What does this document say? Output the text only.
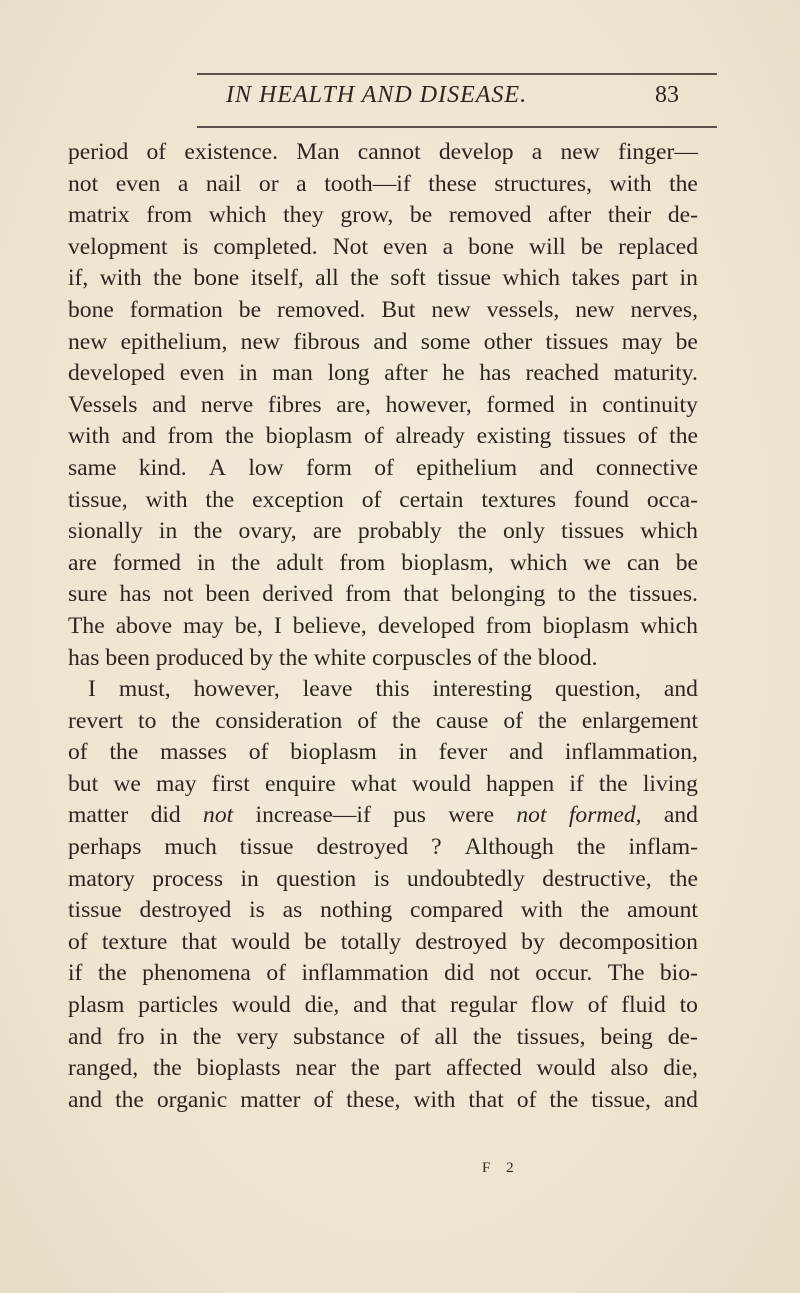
IN HEALTH AND DISEASE.	83
period of existence. Man cannot develop a new finger—
not even a nail or a tooth—if these structures, with the
matrix from which they grow, be removed after their de-
velopment is completed. Not even a bone will be replaced
if, with the bone itself, all the soft tissue which takes part in
bone formation be removed. But new vessels, new nerves,
new epithelium, new fibrous and some other tissues may be
developed even in man long after he has reached maturity.
Vessels and nerve fibres are, however, formed in continuity
with and from the bioplasm of already existing tissues of the
same kind. A low form of epithelium and connective
tissue, with the exception of certain textures found occa-
sionally in the ovary, are probably the only tissues which
are formed in the adult from bioplasm, which we can be
sure has not been derived from that belonging to the tissues.
The above may be, I believe, developed from bioplasm which
has been produced by the white corpuscles of the blood.
I must, however, leave this interesting question, and
revert to the consideration of the cause of the enlargement
of the masses of bioplasm in fever and inflammation,
but we may first enquire what would happen if the living
matter did not increase—if pus were not formed, and
perhaps much tissue destroyed ? Although the inflam-
matory process in question is undoubtedly destructive, the
tissue destroyed is as nothing compared with the amount
of texture that would be totally destroyed by decomposition
if the phenomena of inflammation did not occur. The bio-
plasm particles would die, and that regular flow of fluid to
and fro in the very substance of all the tissues, being de-
ranged, the bioplasts near the part affected would also die,
and the organic matter of these, with that of the tissue, and
F 2
